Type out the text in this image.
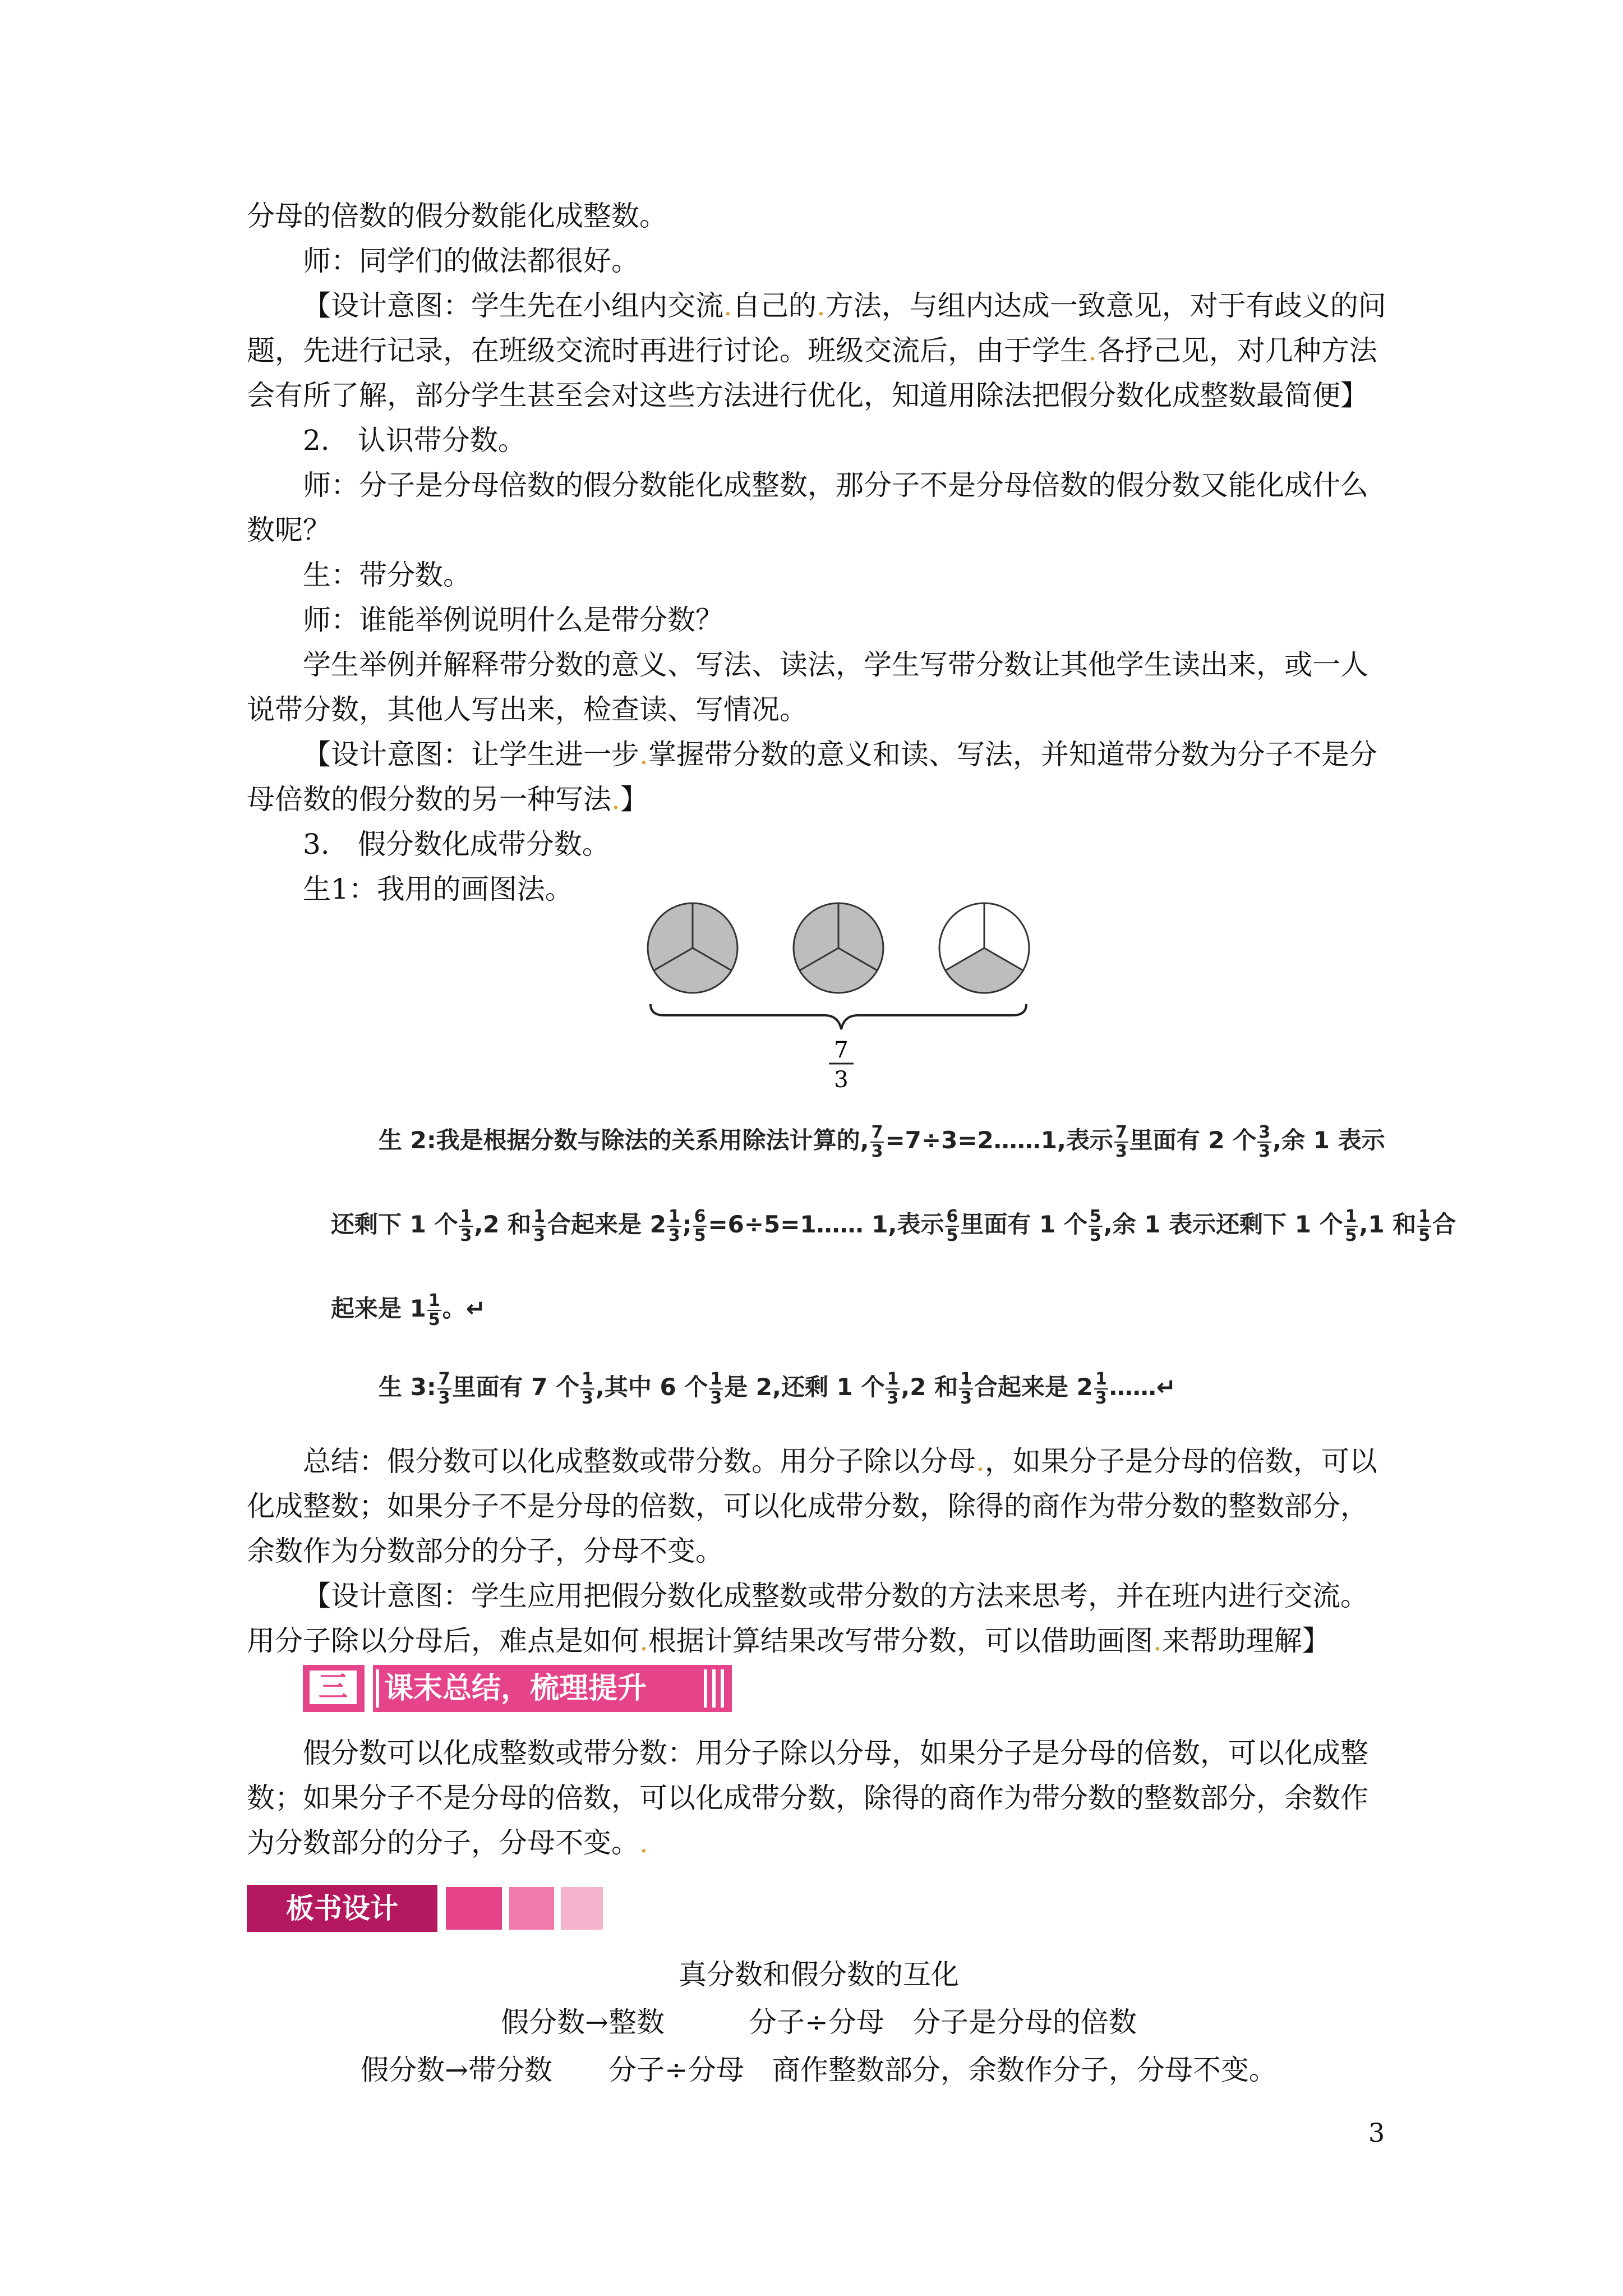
分母的倍数的假分数能化成整数。

师：同学们的做法都很好。

【设计意图：学生先在小组内交流.自己的.方法，与组内达成一致意见，对于有歧义的问题，先进行记录，在班级交流时再进行讨论。班级交流后，由于学生.各抒己见，对几种方法会有所了解，部分学生甚至会对这些方法进行优化，知道用除法把假分数化成整数最简便】

2.　认识带分数。

师：分子是分母倍数的假分数能化成整数，那分子不是分母倍数的假分数又能化成什么数呢？

生：带分数。

师：谁能举例说明什么是带分数？

学生举例并解释带分数的意义、写法、读法，学生写带分数让其他学生读出来，或一人说带分数，其他人写出来，检查读、写情况。

【设计意图：让学生进一步.掌握带分数的意义和读、写法，并知道带分数为分子不是分母倍数的假分数的另一种写法.】

3.　假分数化成带分数。

生1：我用的画图法。

7
3
生 2:我是根据分数与除法的关系用除法计算的, $\frac{7}{3}$ =7÷3=2……1,表示 $\frac{7}{3}$ 里面有 2 个 $\frac{3}{3}$ ,余 1 表示
还剩下 1 个 $\frac{1}{3} ,2$ 和 $\frac{1}{3}$ 合起来是 $2 \frac{1}{3}$ ; $\frac{6}{5}$ =6÷5=1…… 1,表示 $\frac{6}{5}$ 里面有 1 个 $\frac{5}{5}$ ,余 1 表示还剩下 1 个 $\frac{1}{5} ,1$ 和 $\frac{1}{5}$ 合
起来是 $1 \frac{1}{5}$ 。↵
生 3: $\frac{7}{3}$ 里面有 7 个 $\frac{1}{3}$ ,其中 6 个 $\frac{1}{3}$ 是 2,还剩 1 个 $\frac{1}{3} ,2$ 和 $\frac{1}{3}$ 合起来是 $2 \frac{1}{3}$ ……↵

总结：假分数可以化成整数或带分数。用分子除以分母.，如果分子是分母的倍数，可以化成整数；如果分子不是分母的倍数，可以化成带分数，除得的商作为带分数的整数部分，余数作为分数部分的分子，分母不变。

【设计意图：学生应用把假分数化成整数或带分数的方法来思考，并在班内进行交流。用分子除以分母后，难点是如何.根据计算结果改写带分数，可以借助画图.来帮助理解】

三	课末总结，梳理提升

假分数可以化成整数或带分数：用分子除以分母，如果分子是分母的倍数，可以化成整数；如果分子不是分母的倍数，可以化成带分数，除得的商作为带分数的整数部分，余数作为分数部分的分子，分母不变。.

板书设计
真分数和假分数的互化
假分数→整数　　　分子÷分母　分子是分母的倍数
假分数→带分数　　分子÷分母　商作整数部分，余数作分子，分母不变。
3
